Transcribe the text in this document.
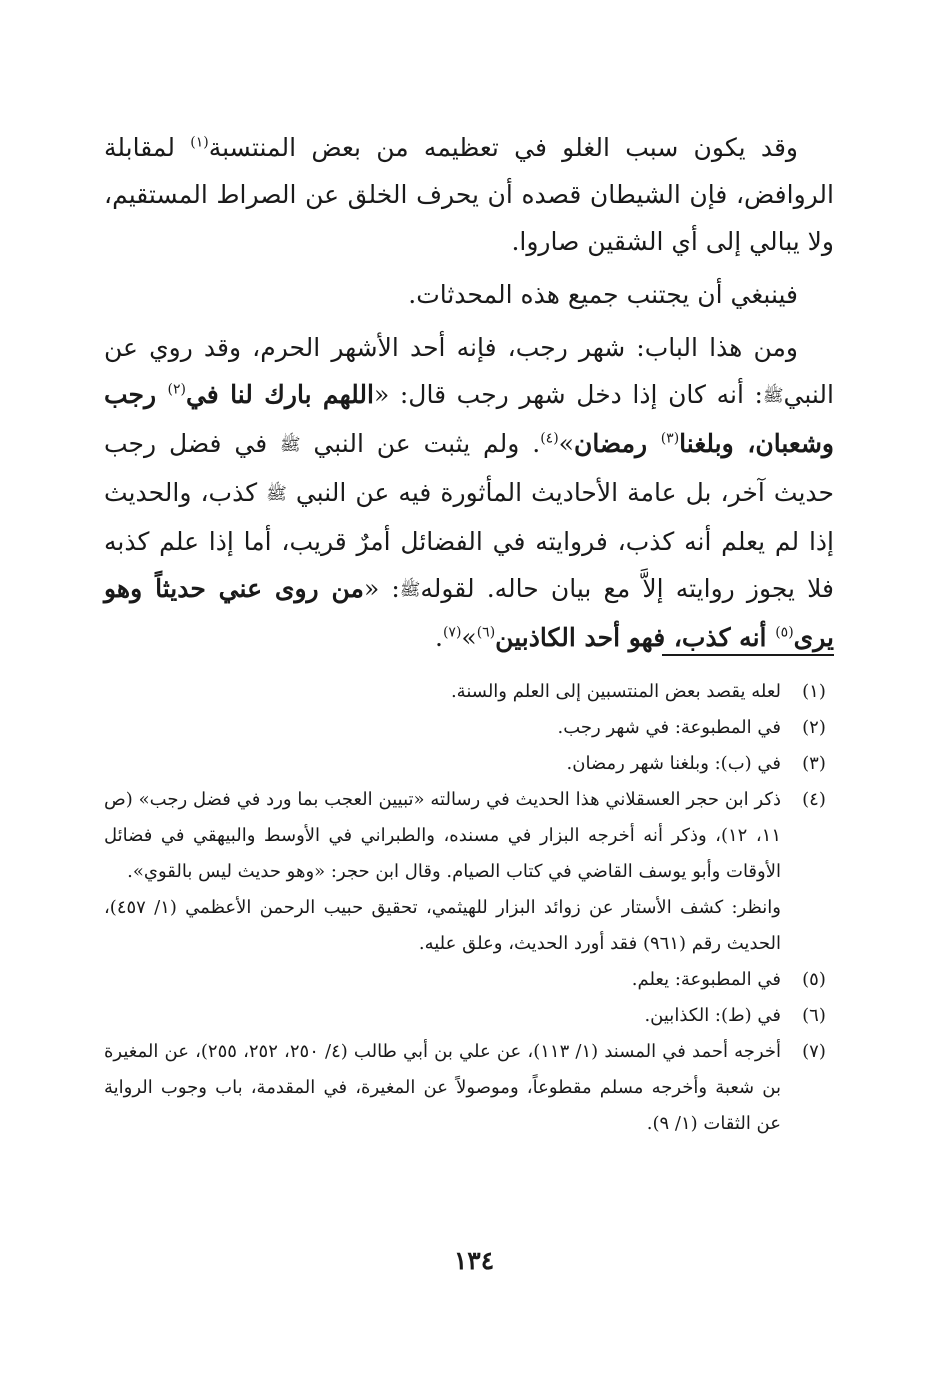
وقد يكون سبب الغلو في تعظيمه من بعض المنتسبة$^{(١)}$ لمقابلة الروافض، فإن الشيطان قصده أن يحرف الخلق عن الصراط المستقيم، ولا يبالي إلى أي الشقين صاروا.

فينبغي أن يجتنب جميع هذه المحدثات.

ومن هذا الباب: شهر رجب، فإنه أحد الأشهر الحرم، وقد روي عن النبيﷺ: أنه كان إذا دخل شهر رجب قال: «اللهم بارك لنا في$^{(٢)}$ رجب وشعبان، وبلغنا$^{(٣)}$ رمضان»$^{(٤)}$. ولم يثبت عن النبي ﷺ في فضل رجب حديث آخر، بل عامة الأحاديث المأثورة فيه عن النبي ﷺ كذب، والحديث إذا لم يعلم أنه كذب، فروايته في الفضائل أمرٌ قريب، أما إذا علم كذبه فلا يجوز روايته إلاَّ مع بيان حاله. لقولهﷺ: «من روى عني حديثاً وهو يرى$^{(٥)}$ أنه كذب، فهو أحد الكاذبين$^{(٦)}$»$^{(٧)}$.

(١)
لعله يقصد بعض المنتسبين إلى العلم والسنة.

(٢)
في المطبوعة: في شهر رجب.

(٣)
في (ب): وبلغنا شهر رمضان.

(٤)
ذكر ابن حجر العسقلاني هذا الحديث في رسالته «تبيين العجب بما ورد في فضل رجب» (ص ١١، ١٢)، وذكر أنه أخرجه البزار في مسنده، والطبراني في الأوسط والبيهقي في فضائل الأوقات وأبو يوسف القاضي في كتاب الصيام. وقال ابن حجر: «وهو حديث ليس بالقوي».
وانظر: كشف الأستار عن زوائد البزار للهيثمي، تحقيق حبيب الرحمن الأعظمي (١/ ٤٥٧)، الحديث رقم (٩٦١) فقد أورد الحديث، وعلق عليه.

(٥)
في المطبوعة: يعلم.

(٦)
في (ط): الكذابين.

(٧)
أخرجه أحمد في المسند (١/ ١١٣)، عن علي بن أبي طالب (٤/ ٢٥٠، ٢٥٢، ٢٥٥)، عن المغيرة بن شعبة وأخرجه مسلم مقطوعاً، وموصولاً عن المغيرة، في المقدمة، باب وجوب الرواية عن الثقات (١/ ٩).

١٣٤
